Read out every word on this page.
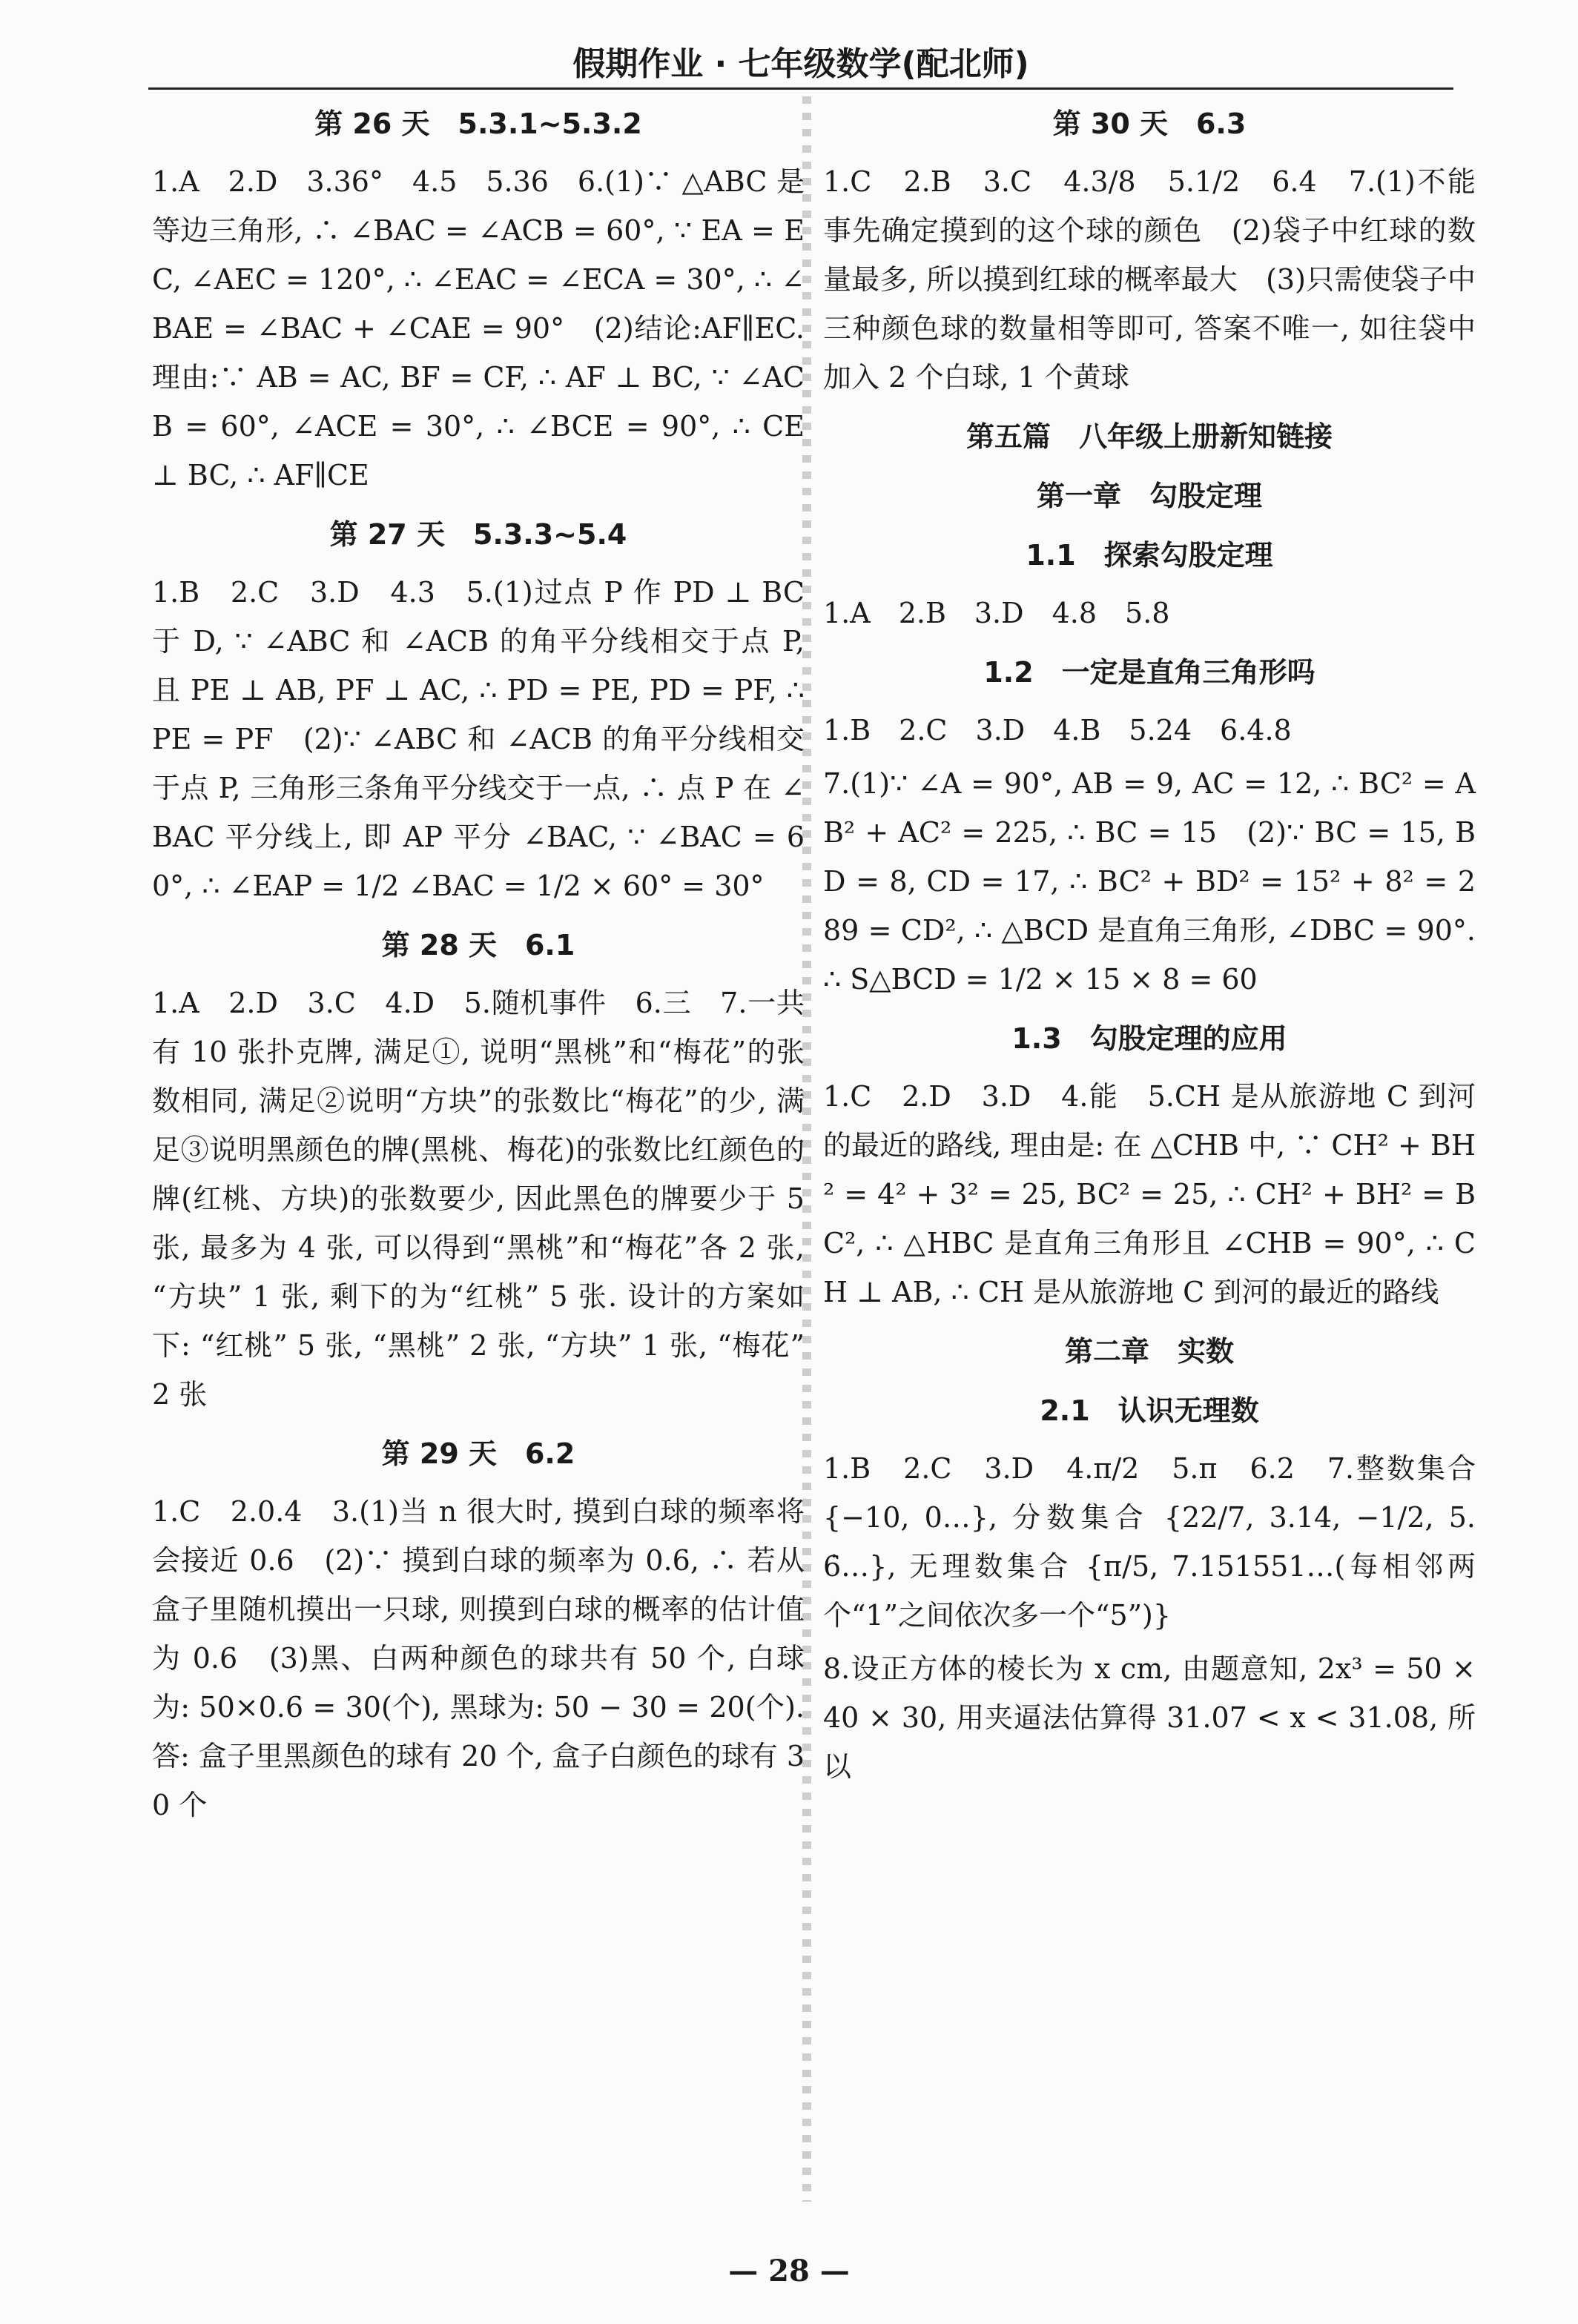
假期作业 · 七年级数学(配北师)
第 26 天　5.3.1~5.3.2
1.A　2.D　3.36°　4.5　5.36　6.(1)∵ △ABC 是等边三角形, ∴ ∠BAC = ∠ACB = 60°, ∵ EA = EC, ∠AEC = 120°, ∴ ∠EAC = ∠ECA = 30°, ∴ ∠BAE = ∠BAC + ∠CAE = 90°　(2)结论:AF∥EC.理由:∵ AB = AC, BF = CF, ∴ AF ⊥ BC, ∵ ∠ACB = 60°, ∠ACE = 30°, ∴ ∠BCE = 90°, ∴ CE ⊥ BC, ∴ AF∥CE
第 27 天　5.3.3~5.4
1.B　2.C　3.D　4.3　5.(1)过点 P 作 PD ⊥ BC 于 D, ∵ ∠ABC 和 ∠ACB 的角平分线相交于点 P, 且 PE ⊥ AB, PF ⊥ AC, ∴ PD = PE, PD = PF, ∴ PE = PF　(2)∵ ∠ABC 和 ∠ACB 的角平分线相交于点 P, 三角形三条角平分线交于一点, ∴ 点 P 在 ∠BAC 平分线上, 即 AP 平分 ∠BAC, ∵ ∠BAC = 60°, ∴ ∠EAP = 1/2 ∠BAC = 1/2 × 60° = 30°
第 28 天　6.1
1.A　2.D　3.C　4.D　5.随机事件　6.三　7.一共有 10 张扑克牌, 满足①, 说明“黑桃”和“梅花”的张数相同, 满足②说明“方块”的张数比“梅花”的少, 满足③说明黑颜色的牌(黑桃、梅花)的张数比红颜色的牌(红桃、方块)的张数要少, 因此黑色的牌要少于 5 张, 最多为 4 张, 可以得到“黑桃”和“梅花”各 2 张, “方块” 1 张, 剩下的为“红桃” 5 张. 设计的方案如下: “红桃” 5 张, “黑桃” 2 张, “方块” 1 张, “梅花” 2 张
第 29 天　6.2
1.C　2.0.4　3.(1)当 n 很大时, 摸到白球的频率将会接近 0.6　(2)∵ 摸到白球的频率为 0.6, ∴ 若从盒子里随机摸出一只球, 则摸到白球的概率的估计值为 0.6　(3)黑、白两种颜色的球共有 50 个, 白球为: 50×0.6 = 30(个), 黑球为: 50 − 30 = 20(个). 答: 盒子里黑颜色的球有 20 个, 盒子白颜色的球有 30 个
第 30 天　6.3
1.C　2.B　3.C　4.3/8　5.1/2　6.4　7.(1)不能事先确定摸到的这个球的颜色　(2)袋子中红球的数量最多, 所以摸到红球的概率最大　(3)只需使袋子中三种颜色球的数量相等即可, 答案不唯一, 如往袋中加入 2 个白球, 1 个黄球
第五篇　八年级上册新知链接
第一章　勾股定理
1.1　探索勾股定理
1.A　2.B　3.D　4.8　5.8
1.2　一定是直角三角形吗
1.B　2.C　3.D　4.B　5.24　6.4.8
7.(1)∵ ∠A = 90°, AB = 9, AC = 12, ∴ BC² = AB² + AC² = 225, ∴ BC = 15　(2)∵ BC = 15, BD = 8, CD = 17, ∴ BC² + BD² = 15² + 8² = 289 = CD², ∴ △BCD 是直角三角形, ∠DBC = 90°. ∴ S△BCD = 1/2 × 15 × 8 = 60
1.3　勾股定理的应用
1.C　2.D　3.D　4.能　5.CH 是从旅游地 C 到河的最近的路线, 理由是: 在 △CHB 中, ∵ CH² + BH² = 4² + 3² = 25, BC² = 25, ∴ CH² + BH² = BC², ∴ △HBC 是直角三角形且 ∠CHB = 90°, ∴ CH ⊥ AB, ∴ CH 是从旅游地 C 到河的最近的路线
第二章　实数
2.1　认识无理数
1.B　2.C　3.D　4.π/2　5.π　6.2　7.整数集合 {−10, 0…}, 分数集合 {22/7, 3.14, −1/2, 5.6̇…}, 无理数集合 {π/5, 7.151551…(每相邻两个“1”之间依次多一个“5”)}
8.设正方体的棱长为 x cm, 由题意知, 2x³ = 50 × 40 × 30, 用夹逼法估算得 31.07 < x < 31.08, 所以
— 28 —
